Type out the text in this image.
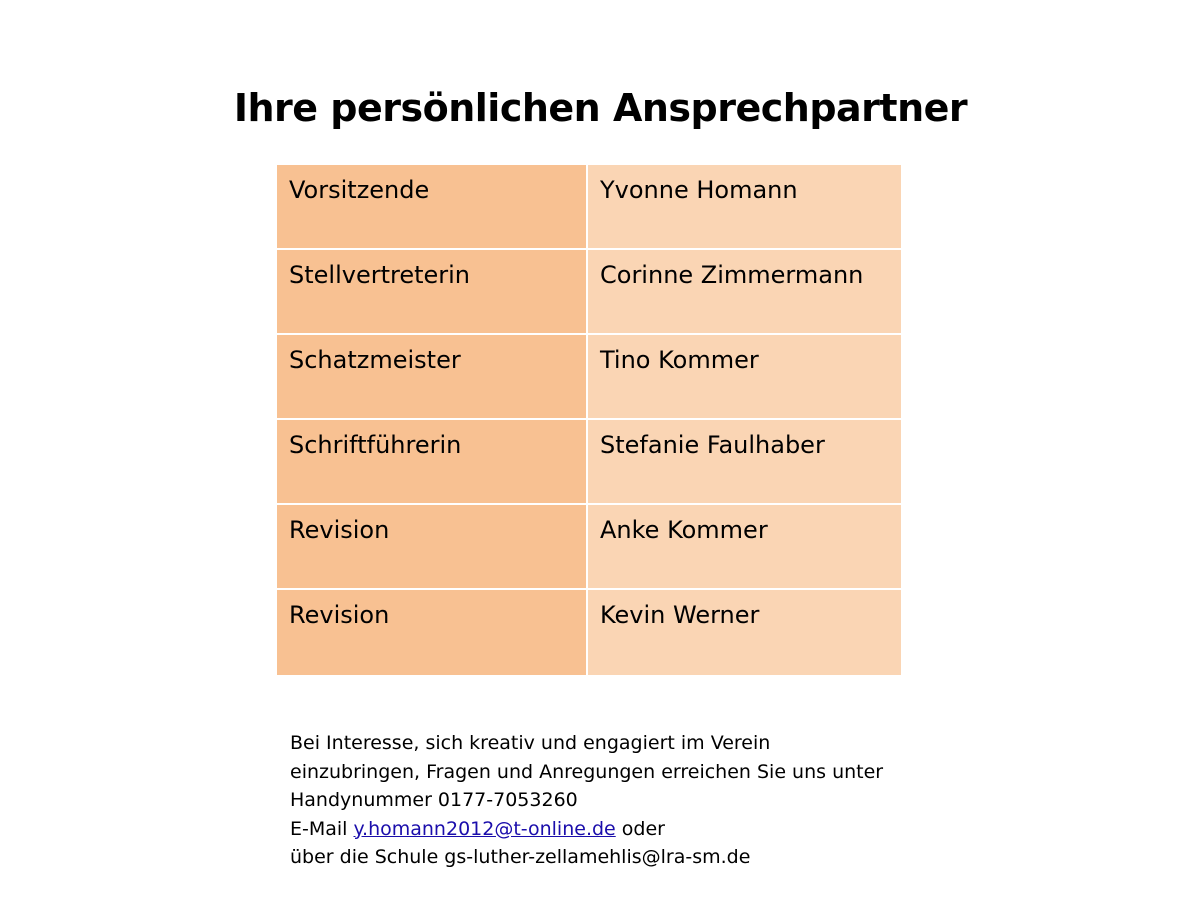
Ihre persönlichen Ansprechpartner
Vorsitzende	Yvonne Homann
Stellvertreterin	Corinne Zimmermann
Schatzmeister	Tino Kommer
Schriftführerin	Stefanie Faulhaber
Revision	Anke Kommer
Revision	Kevin Werner
Bei Interesse, sich kreativ und engagiert im Verein
einzubringen, Fragen und Anregungen erreichen Sie uns unter
Handynummer 0177-7053260
E-Mail y.homann2012@t-online.de oder
über die Schule gs-luther-zellamehlis@lra-sm.de
